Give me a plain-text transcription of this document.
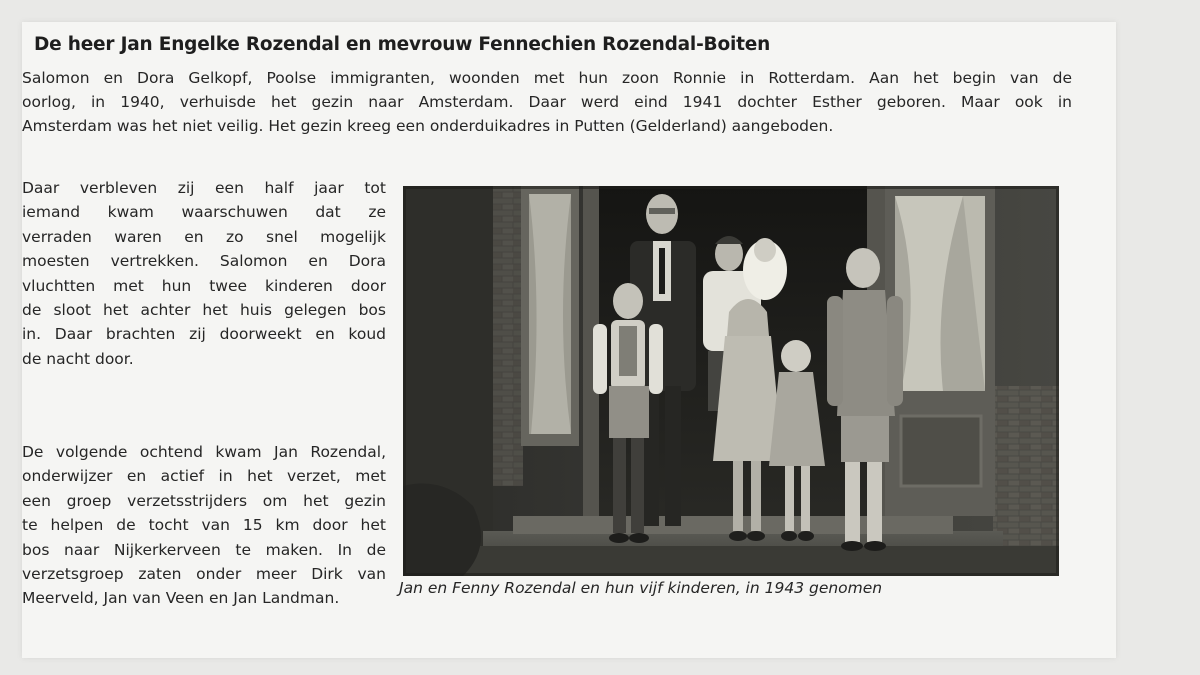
De heer Jan Engelke Rozendal en mevrouw Fennechien Rozendal-Boiten
Salomon en Dora Gelkopf, Poolse immigranten, woonden met hun zoon Ronnie in Rotterdam. Aan het begin van de
oorlog, in 1940, verhuisde het gezin naar Amsterdam. Daar werd eind 1941 dochter Esther geboren. Maar ook in
Amsterdam was het niet veilig. Het gezin kreeg een onderduikadres in Putten (Gelderland) aangeboden.
Daar verbleven zij een half jaar tot
iemand kwam waarschuwen dat ze
verraden waren en zo snel mogelijk
moesten vertrekken. Salomon en Dora
vluchtten met hun twee kinderen door
de sloot het achter het huis gelegen bos
in. Daar brachten zij doorweekt en koud
de nacht door.
De volgende ochtend kwam Jan Rozendal,
onderwijzer en actief in het verzet, met
een groep verzetsstrijders om het gezin
te helpen de tocht van 15 km door het
bos naar Nijkerkerveen te maken. In de
verzetsgroep zaten onder meer Dirk van
Meerveld, Jan van Veen en Jan Landman.
Jan en Fenny Rozendal en hun vijf kinderen, in 1943 genomen
